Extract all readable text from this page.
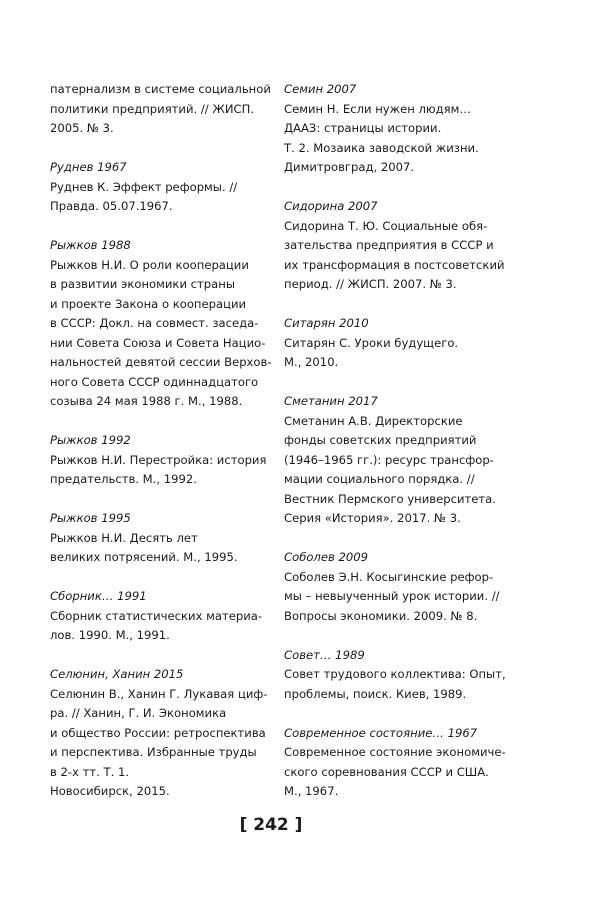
патернализм в системе социальной
политики предприятий. // ЖИСП.
2005. № 3.
Руднев 1967
Руднев К. Эффект реформы. //
Правда. 05.07.1967.
Рыжков 1988
Рыжков Н.И. О роли кооперации
в развитии экономики страны
и проекте Закона о кооперации
в СССР: Докл. на совмест. заседа-
нии Совета Союза и Совета Нацио-
нальностей девятой сессии Верхов-
ного Совета СССР одиннадцатого
созыва 24 мая 1988 г. М., 1988.
Рыжков 1992
Рыжков Н.И. Перестройка: история
предательств. М., 1992.
Рыжков 1995
Рыжков Н.И. Десять лет
великих потрясений. М., 1995.
Сборник… 1991
Сборник статистических материа-
лов. 1990. М., 1991.
Селюнин, Ханин 2015
Селюнин В., Ханин Г. Лукавая циф-
ра. // Ханин, Г. И. Экономика
и общество России: ретроспектива
и перспектива. Избранные труды
в 2-х тт. Т. 1.
Новосибирск, 2015.
Семин 2007
Семин Н. Если нужен людям…
ДААЗ: страницы истории.
Т. 2. Мозаика заводской жизни.
Димитровград, 2007.
Сидорина 2007
Сидорина Т. Ю. Социальные обя-
зательства предприятия в СССР и
их трансформация в постсоветский
период. // ЖИСП. 2007. № 3.
Ситарян 2010
Ситарян С. Уроки будущего.
М., 2010.
Сметанин 2017
Сметанин А.В. Директорские
фонды советских предприятий
(1946–1965 гг.): ресурс трансфор-
мации социального порядка. //
Вестник Пермского университета.
Серия «История». 2017. № 3.
Соболев 2009
Соболев Э.Н. Косыгинские рефор-
мы – невыученный урок истории. //
Вопросы экономики. 2009. № 8.
Совет… 1989
Совет трудового коллектива: Опыт,
проблемы, поиск. Киев, 1989.
Современное состояние… 1967
Современное состояние экономиче-
ского соревнования СССР и США.
М., 1967.
[ 242 ]
